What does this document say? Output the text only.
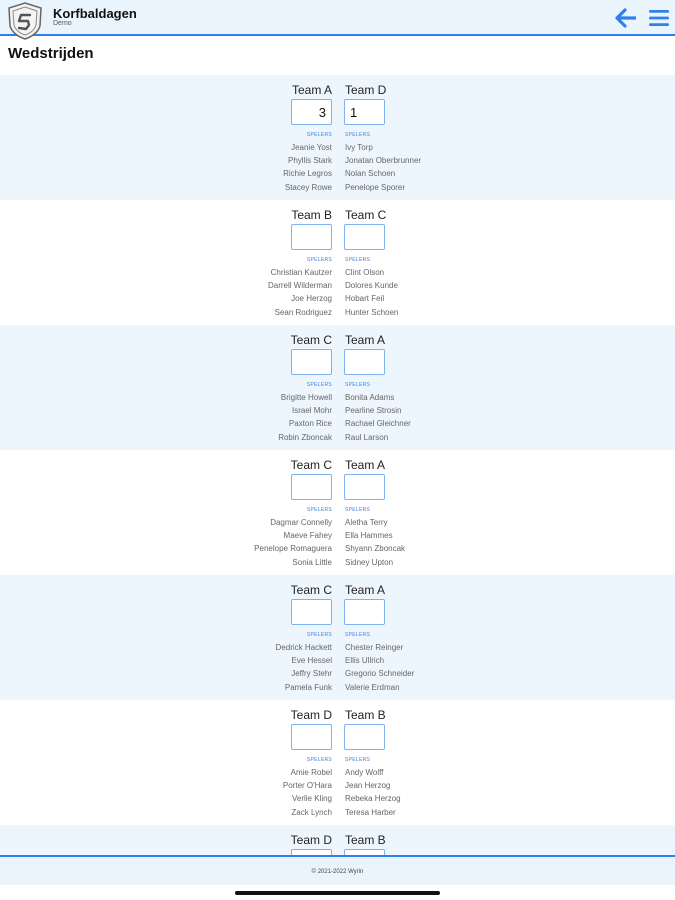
Korfbaldagen
Demo
Wedstrijden
Team A
3
SPELERS
Jeanie Yost
Phyllis Stark
Richie Legros
Stacey Rowe
Team D
1
SPELERS
Ivy Torp
Jonatan Oberbrunner
Nolan Schoen
Penelope Sporer
Team B
SPELERS
Christian Kautzer
Darrell Wilderman
Joe Herzog
Sean Rodriguez
Team C
SPELERS
Clint Olson
Dolores Kunde
Hobart Feil
Hunter Schoen
Team C
SPELERS
Brigitte Howell
Israel Mohr
Paxton Rice
Robin Zboncak
Team A
SPELERS
Bonita Adams
Pearline Strosin
Rachael Gleichner
Raul Larson
Team C
SPELERS
Dagmar Connelly
Maeve Fahey
Penelope Romaguera
Sonia Little
Team A
SPELERS
Aletha Terry
Ella Hammes
Shyann Zboncak
Sidney Upton
Team C
SPELERS
Dedrick Hackett
Eve Hessel
Jeffry Stehr
Pamela Funk
Team A
SPELERS
Chester Reinger
Ellis Ullrich
Gregorio Schneider
Valerie Erdman
Team D
SPELERS
Amie Robel
Porter O'Hara
Verlie Kling
Zack Lynch
Team B
SPELERS
Andy Wolff
Jean Herzog
Rebeka Herzog
Teresa Harber
Team D Team B
© 2021-2022 Wyrin
